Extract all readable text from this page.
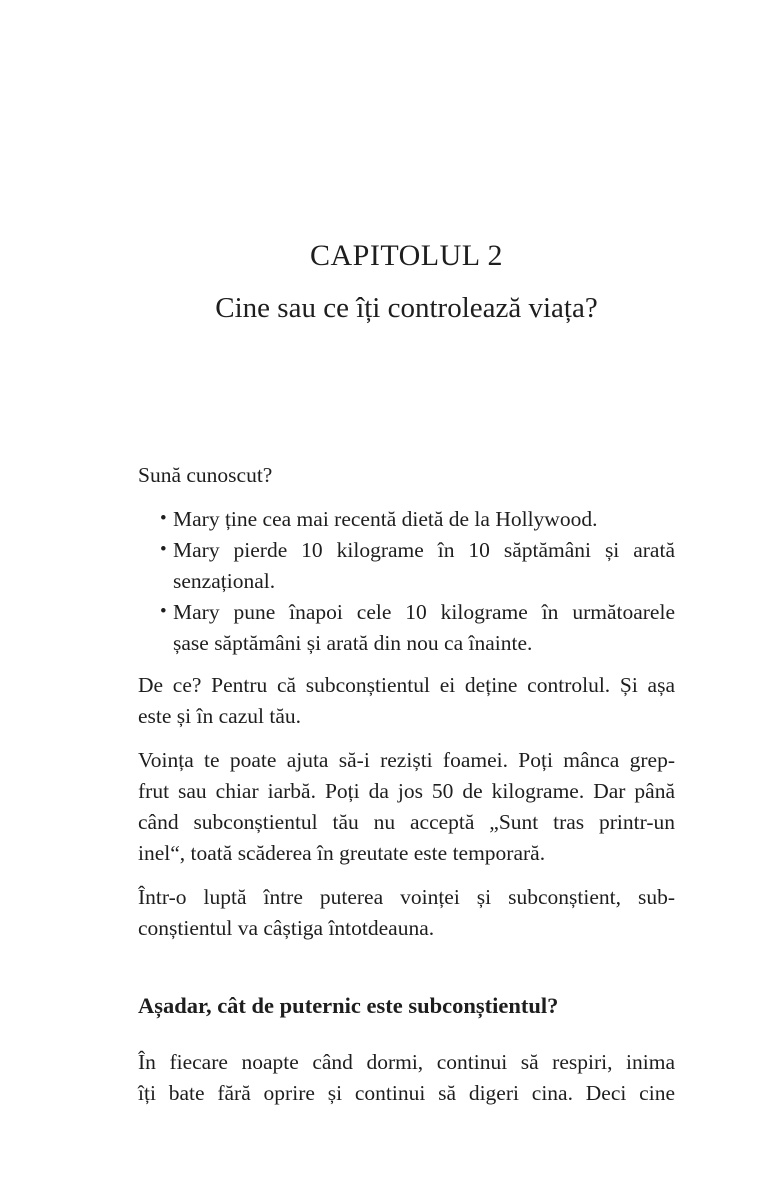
CAPITOLUL 2
Cine sau ce îți controlează viața?
Sună cunoscut?
• Mary ține cea mai recentă dietă de la Hollywood.
• Mary pierde 10 kilograme în 10 săptămâni și arată
senzațional.
• Mary pune înapoi cele 10 kilograme în următoarele
șase săptămâni și arată din nou ca înainte.
De ce? Pentru că subconștientul ei deține controlul. Și așa
este și în cazul tău.
Voința te poate ajuta să-i reziști foamei. Poți mânca grep-
frut sau chiar iarbă. Poți da jos 50 de kilograme. Dar până
când subconștientul tău nu acceptă „Sunt tras printr-un
inel“, toată scăderea în greutate este temporară.
Într-o luptă între puterea voinței și subconștient, sub-
conștientul va câștiga întotdeauna.
Așadar, cât de puternic este subconștientul?
În fiecare noapte când dormi, continui să respiri, inima
îți bate fără oprire și continui să digeri cina. Deci cine
